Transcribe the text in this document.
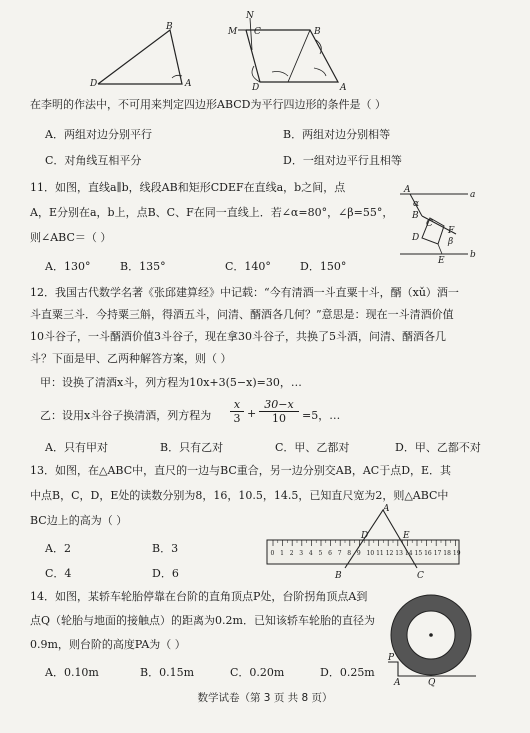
B
D	A
N
M C	B
D	A
在李明的作法中，不可用来判定四边形ABCD为平行四边形的条件是（ ）
A．两组对边分别平行	B．两组对边分别相等
C．对角线互相平分	D．一组对边平行且相等
11．如图，直线a∥b，线段AB和矩形CDEF在直线a，b之间，点
A，E分别在a，b上，点B、C、F在同一直线上．若∠α=80°，∠β=55°，
则∠ABC＝（ ）
A．130°	B．135°	C．140°	D．150°
A	a
α
B
C
D
F
β
b
E
12．我国古代数学名著《张邱建算经》中记载：“今有清酒一斗直粟十斗，醑（xǔ）酒一
斗直粟三斗．今持粟三斛，得酒五斗，问清、醑酒各几何？”意思是：现在一斗清酒价值
10斗谷子，一斗醑酒价值3斗谷子，现在拿30斗谷子，共换了5斗酒，问清、醑酒各几
斗？下面是甲、乙两种解答方案，则（ ）
甲：设换了清酒x斗，列方程为10x+3(5−x)=30，…
乙：设用x斗谷子换清酒，列方程为 $\frac{x}{3} + \frac{30-x}{10} =5$，…
A．只有甲对	B．只有乙对	C．甲、乙都对	D．甲、乙都不对
13．如图，在△ABC中，直尺的一边与BC重合，另一边分别交AB，AC于点D，E．其
中点B，C，D，E处的读数分别为8，16，10.5，14.5，已知直尺宽为2，则△ABC中
BC边上的高为（ ）
A．2	B．3
C．4	D．6
0 1 2 3 4 5 6 7 8 9 10 11 12 13 14 15 16 17 18 19
A
D	E
B	C
14．如图，某轿车轮胎停靠在台阶的直角顶点P处，台阶拐角顶点A到
点Q（轮胎与地面的接触点）的距离为0.2m．已知该轿车轮胎的直径为
0.9m，则台阶的高度PA为（ ）
A．0.10m	B．0.15m	C．0.20m	D．0.25m
P
A	Q
数学试卷（第 3 页 共 8 页）
